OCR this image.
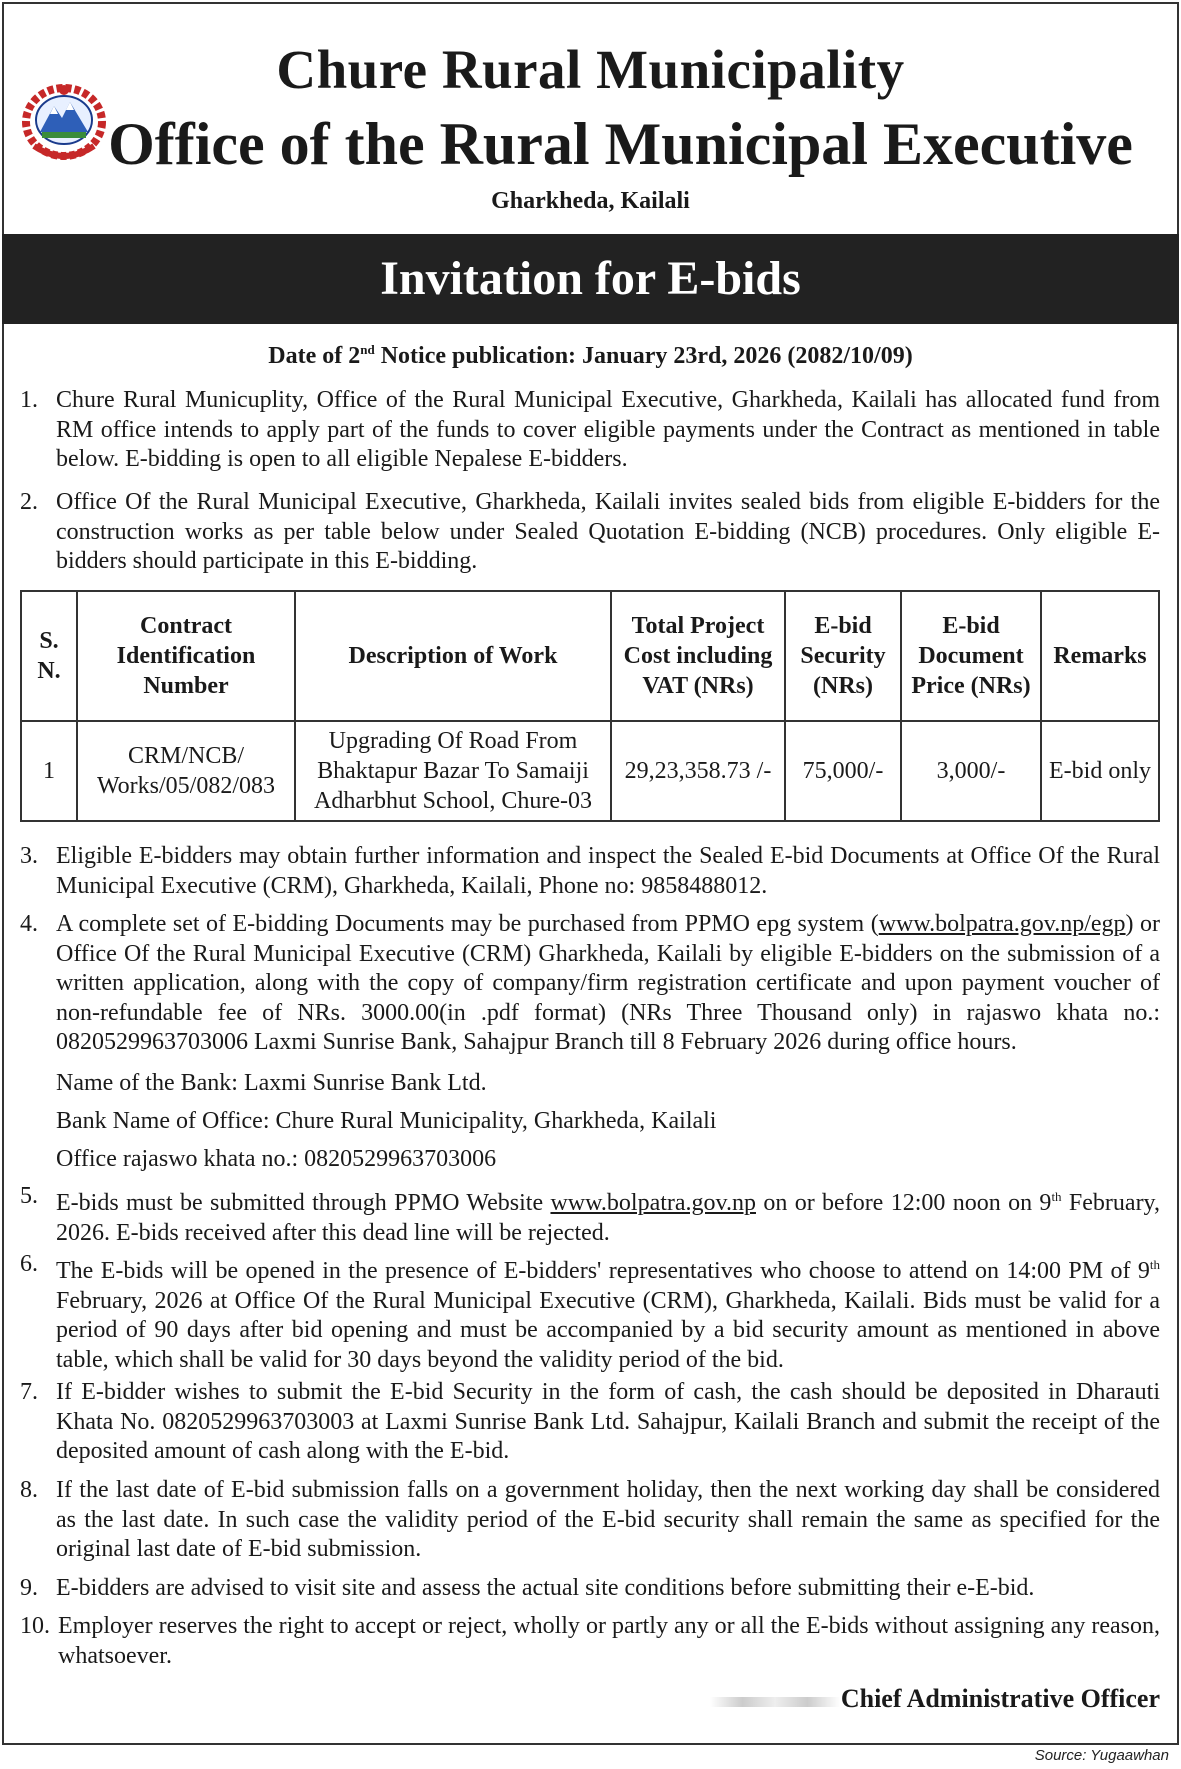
Chure Rural Municipality
Office of the Rural Municipal Executive
Gharkheda, Kailali
Invitation for E-bids
Date of 2nd Notice publication: January 23rd, 2026 (2082/10/09)
1. Chure Rural Municuplity, Office of the Rural Municipal Executive, Gharkheda, Kailali has allocated fund from RM office intends to apply part of the funds to cover eligible payments under the Contract as mentioned in table below. E-bidding is open to all eligible Nepalese E-bidders.
2. Office Of the Rural Municipal Executive, Gharkheda, Kailali invites sealed bids from eligible E-bidders for the construction works as per table below under Sealed Quotation E-bidding (NCB) procedures. Only eligible E-bidders should participate in this E-bidding.
S. N.	Contract Identification Number	Description of Work	Total Project Cost including VAT (NRs)	E-bid Security (NRs)	E-bid Document Price (NRs)	Remarks
1	CRM/NCB/ Works/05/082/083	Upgrading Of Road From Bhaktapur Bazar To Samaiji Adharbhut School, Chure-03	29,23,358.73 /-	75,000/-	3,000/-	E-bid only
3. Eligible E-bidders may obtain further information and inspect the Sealed E-bid Documents at Office Of the Rural Municipal Executive (CRM), Gharkheda, Kailali, Phone no: 9858488012.
4. A complete set of E-bidding Documents may be purchased from PPMO epg system (www.bolpatra.gov.np/egp) or Office Of the Rural Municipal Executive (CRM) Gharkheda, Kailali by eligible E-bidders on the submission of a written application, along with the copy of company/firm registration certificate and upon payment voucher of non-refundable fee of NRs. 3000.00(in .pdf format) (NRs Three Thousand only) in rajaswo khata no.: 0820529963703006 Laxmi Sunrise Bank, Sahajpur Branch till 8 February 2026 during office hours.
Name of the Bank: Laxmi Sunrise Bank Ltd.
Bank Name of Office: Chure Rural Municipality, Gharkheda, Kailali
Office rajaswo khata no.: 0820529963703006
5. E-bids must be submitted through PPMO Website www.bolpatra.gov.np on or before 12:00 noon on 9th February, 2026. E-bids received after this dead line will be rejected.
6. The E-bids will be opened in the presence of E-bidders' representatives who choose to attend on 14:00 PM of 9th February, 2026 at Office Of the Rural Municipal Executive (CRM), Gharkheda, Kailali. Bids must be valid for a period of 90 days after bid opening and must be accompanied by a bid security amount as mentioned in above table, which shall be valid for 30 days beyond the validity period of the bid.
7. If E-bidder wishes to submit the E-bid Security in the form of cash, the cash should be deposited in Dharauti Khata No. 0820529963703003 at Laxmi Sunrise Bank Ltd. Sahajpur, Kailali Branch and submit the receipt of the deposited amount of cash along with the E-bid.
8. If the last date of E-bid submission falls on a government holiday, then the next working day shall be considered as the last date. In such case the validity period of the E-bid security shall remain the same as specified for the original last date of E-bid submission.
9. E-bidders are advised to visit site and assess the actual site conditions before submitting their e-E-bid.
10. Employer reserves the right to accept or reject, wholly or partly any or all the E-bids without assigning any reason, whatsoever.
Chief Administrative Officer
Source: Yugaawhan
